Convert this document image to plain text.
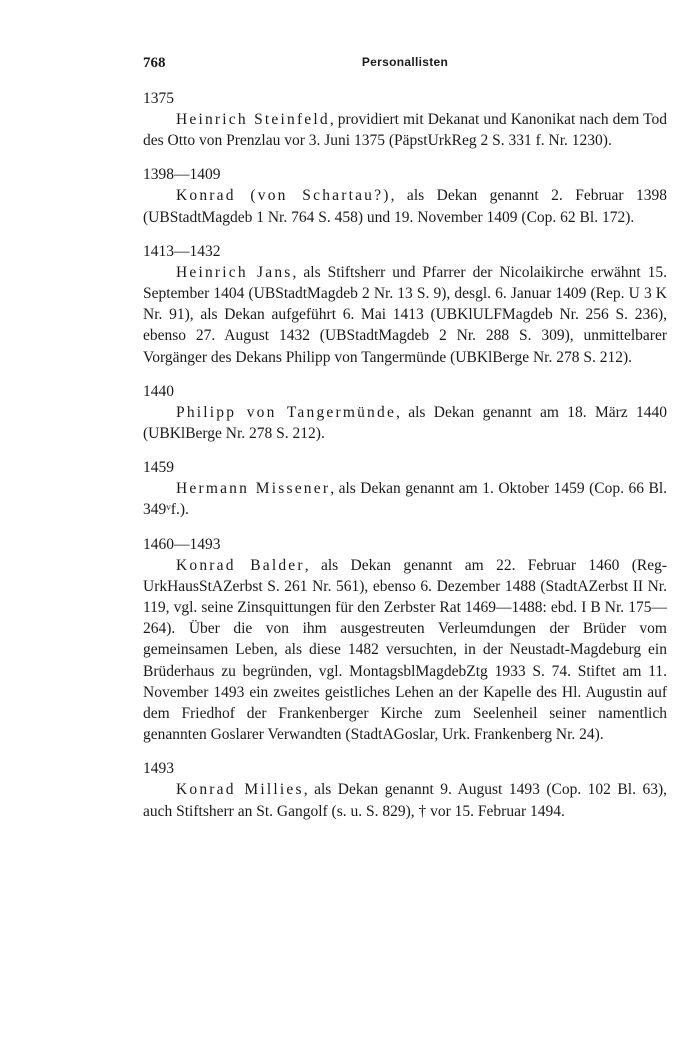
768	Personallisten
1375
Heinrich Steinfeld, providiert mit Dekanat und Kanonikat nach dem Tod des Otto von Prenzlau vor 3. Juni 1375 (PäpstUrkReg 2 S. 331 f. Nr. 1230).
1398—1409
Konrad (von Schartau?), als Dekan genannt 2. Februar 1398 (UBStadtMagdeb 1 Nr. 764 S. 458) und 19. November 1409 (Cop. 62 Bl. 172).
1413—1432
Heinrich Jans, als Stiftsherr und Pfarrer der Nicolaikirche erwähnt 15. September 1404 (UBStadtMagdeb 2 Nr. 13 S. 9), desgl. 6. Januar 1409 (Rep. U 3 K Nr. 91), als Dekan aufgeführt 6. Mai 1413 (UBKlULFMagdeb Nr. 256 S. 236), ebenso 27. August 1432 (UBStadtMagdeb 2 Nr. 288 S. 309), unmittelbarer Vorgänger des Dekans Philipp von Tangermünde (UBKlBerge Nr. 278 S. 212).
1440
Philipp von Tangermünde, als Dekan genannt am 18. März 1440 (UBKlBerge Nr. 278 S. 212).
1459
Hermann Missener, als Dekan genannt am 1. Oktober 1459 (Cop. 66 Bl. 349ᵛf.).
1460—1493
Konrad Balder, als Dekan genannt am 22. Februar 1460 (RegUrkHausStAZerbst S. 261 Nr. 561), ebenso 6. Dezember 1488 (StadtAZerbst II Nr. 119, vgl. seine Zinsquittungen für den Zerbster Rat 1469—1488: ebd. I B Nr. 175—264). Über die von ihm ausgestreuten Verleumdungen der Brüder vom gemeinsamen Leben, als diese 1482 versuchten, in der Neustadt-Magdeburg ein Brüderhaus zu begründen, vgl. MontagsblMagdebZtg 1933 S. 74. Stiftet am 11. November 1493 ein zweites geistliches Lehen an der Kapelle des Hl. Augustin auf dem Friedhof der Frankenberger Kirche zum Seelenheil seiner namentlich genannten Goslarer Verwandten (StadtAGoslar, Urk. Frankenberg Nr. 24).
1493
Konrad Millies, als Dekan genannt 9. August 1493 (Cop. 102 Bl. 63), auch Stiftsherr an St. Gangolf (s. u. S. 829), † vor 15. Februar 1494.
